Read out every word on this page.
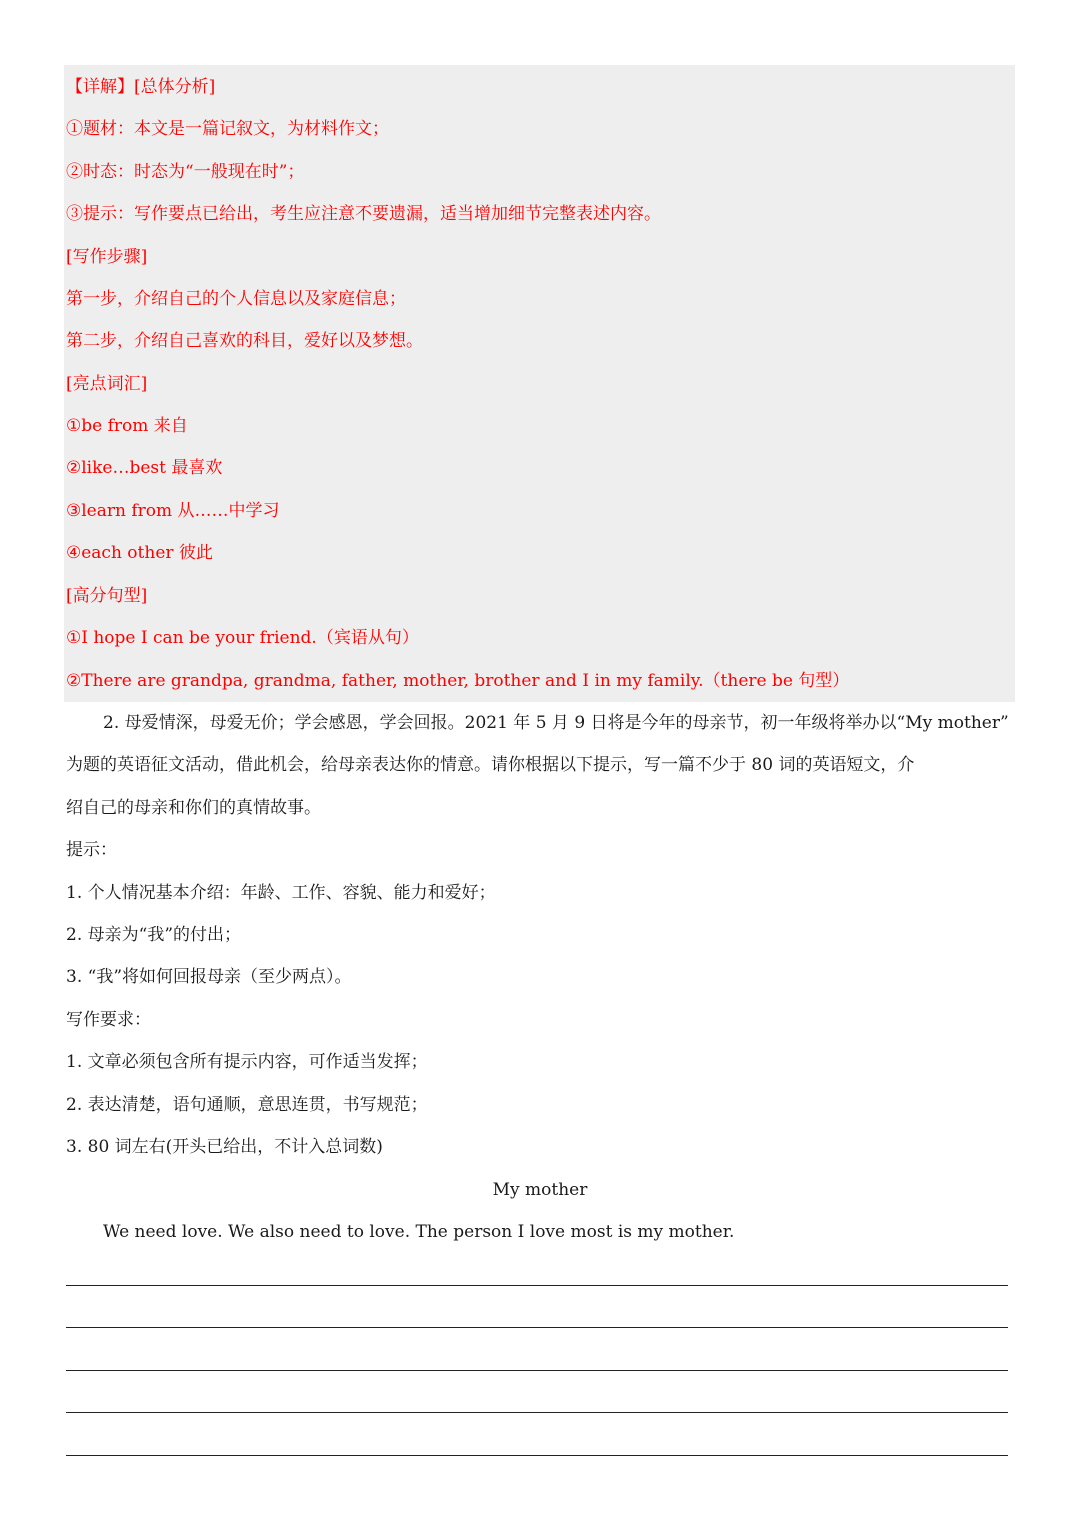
【详解】[总体分析]
①题材：本文是一篇记叙文，为材料作文；
②时态：时态为“一般现在时”；
③提示：写作要点已给出，考生应注意不要遗漏，适当增加细节完整表述内容。
[写作步骤]
第一步，介绍自己的个人信息以及家庭信息；
第二步，介绍自己喜欢的科目，爱好以及梦想。
[亮点词汇]
①be from 来自
②like…best 最喜欢
③learn from 从……中学习
④each other 彼此
[高分句型]
①I hope I can be your friend.（宾语从句）
②There are grandpa, grandma, father, mother, brother and I in my family.（there be 句型）
2. 母爱情深，母爱无价；学会感恩，学会回报。2021 年 5 月 9 日将是今年的母亲节，初一年级将举办以“My mother”
为题的英语征文活动，借此机会，给母亲表达你的情意。请你根据以下提示，写一篇不少于 80 词的英语短文，介
绍自己的母亲和你们的真情故事。
提示：
1. 个人情况基本介绍：年龄、工作、容貌、能力和爱好；
2. 母亲为“我”的付出；
3. “我”将如何回报母亲（至少两点）。
写作要求：
1. 文章必须包含所有提示内容，可作适当发挥；
2. 表达清楚，语句通顺，意思连贯，书写规范；
3. 80 词左右(开头已给出，不计入总词数)
My mother
We need love. We also need to love. The person I love most is my mother.
